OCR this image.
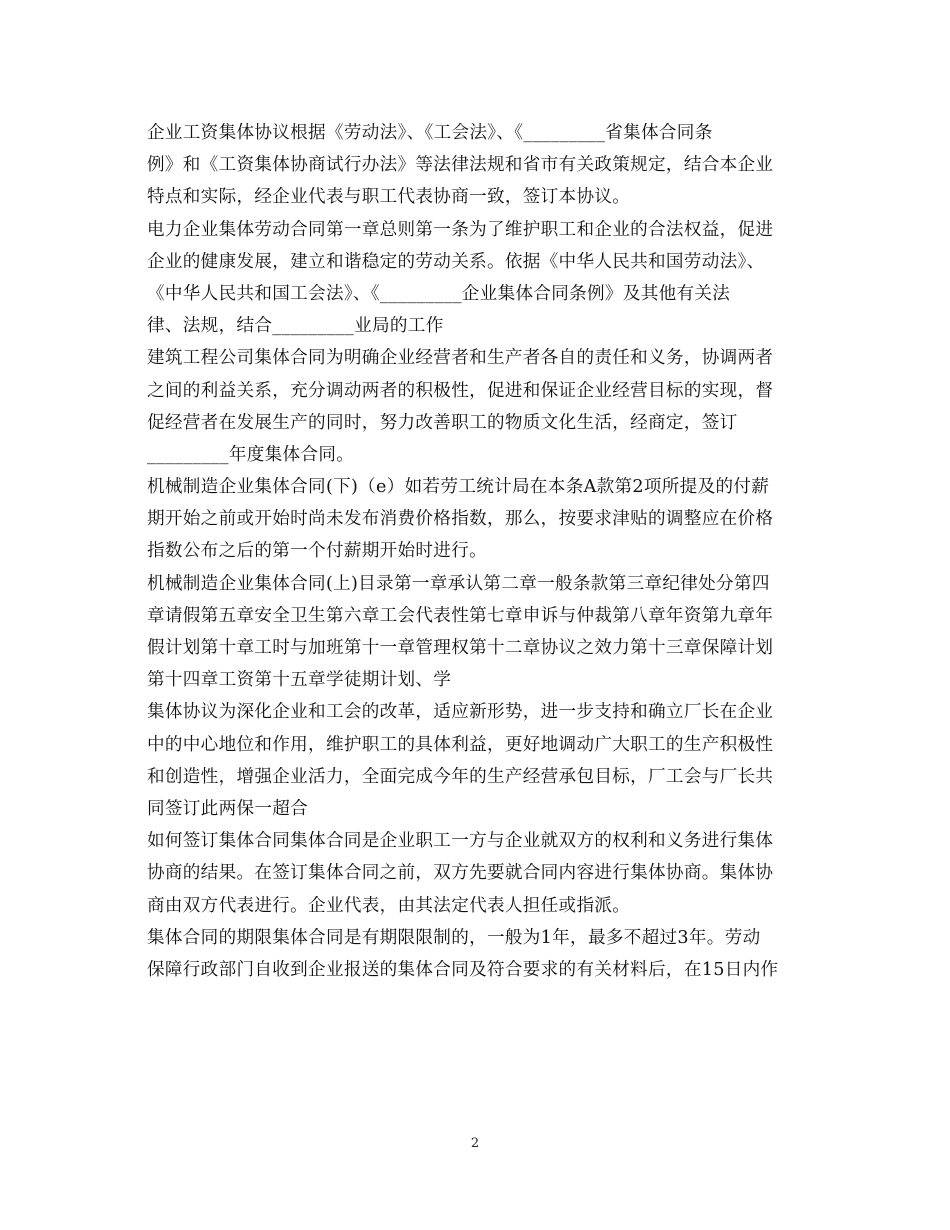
企业工资集体协议根据《劳动法》、《工会法》、《_________省集体合同条
例》和《工资集体协商试行办法》等法律法规和省市有关政策规定，结合本企业
特点和实际，经企业代表与职工代表协商一致，签订本协议。
电力企业集体劳动合同第一章总则第一条为了维护职工和企业的合法权益，促进
企业的健康发展，建立和谐稳定的劳动关系。依据《中华人民共和国劳动法》、
《中华人民共和国工会法》、《_________企业集体合同条例》及其他有关法
律、法规，结合_________业局的工作
建筑工程公司集体合同为明确企业经营者和生产者各自的责任和义务，协调两者
之间的利益关系，充分调动两者的积极性，促进和保证企业经营目标的实现，督
促经营者在发展生产的同时，努力改善职工的物质文化生活，经商定，签订
_________年度集体合同。
机械制造企业集体合同(下)（e）如若劳工统计局在本条A款第2项所提及的付薪
期开始之前或开始时尚未发布消费价格指数，那么，按要求津贴的调整应在价格
指数公布之后的第一个付薪期开始时进行。
机械制造企业集体合同(上)目录第一章承认第二章一般条款第三章纪律处分第四
章请假第五章安全卫生第六章工会代表性第七章申诉与仲裁第八章年资第九章年
假计划第十章工时与加班第十一章管理权第十二章协议之效力第十三章保障计划
第十四章工资第十五章学徒期计划、学
集体协议为深化企业和工会的改革，适应新形势，进一步支持和确立厂长在企业
中的中心地位和作用，维护职工的具体利益，更好地调动广大职工的生产积极性
和创造性，增强企业活力，全面完成今年的生产经营承包目标，厂工会与厂长共
同签订此两保一超合
如何签订集体合同集体合同是企业职工一方与企业就双方的权利和义务进行集体
协商的结果。在签订集体合同之前，双方先要就合同内容进行集体协商。集体协
商由双方代表进行。企业代表，由其法定代表人担任或指派。
集体合同的期限集体合同是有期限限制的，一般为1年，最多不超过3年。劳动
保障行政部门自收到企业报送的集体合同及符合要求的有关材料后，在15日内作
2
